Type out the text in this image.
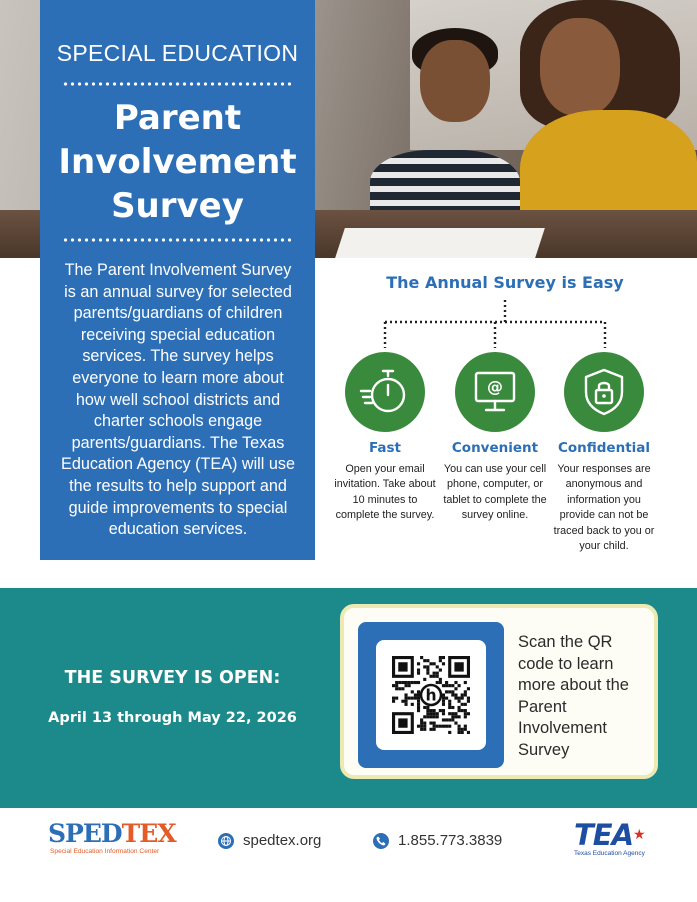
SPECIAL EDUCATION
Parent
Involvement
Survey
The Parent Involvement Survey is an annual survey for selected parents/guardians of children receiving special education services. The survey helps everyone to learn more about how well school districts and charter schools engage parents/guardians. The Texas Education Agency (TEA) will use the results to help support and guide improvements to special education services.
The Annual Survey is Easy
Fast
Open your email invitation. Take about 10 minutes to complete the survey.
@
Convenient
You can use your cell phone, computer, or tablet to complete the survey online.
Confidential
Your responses are anonymous and information you provide can not be traced back to you or your child.
THE SURVEY IS OPEN:
April 13 through May 22, 2026
h
Scan the QR code to learn more about the Parent Involvement Survey
SPEDTEX
Special Education Information Center
spedtex.org	1.855.773.3839 TEA★
Texas Education Agency
